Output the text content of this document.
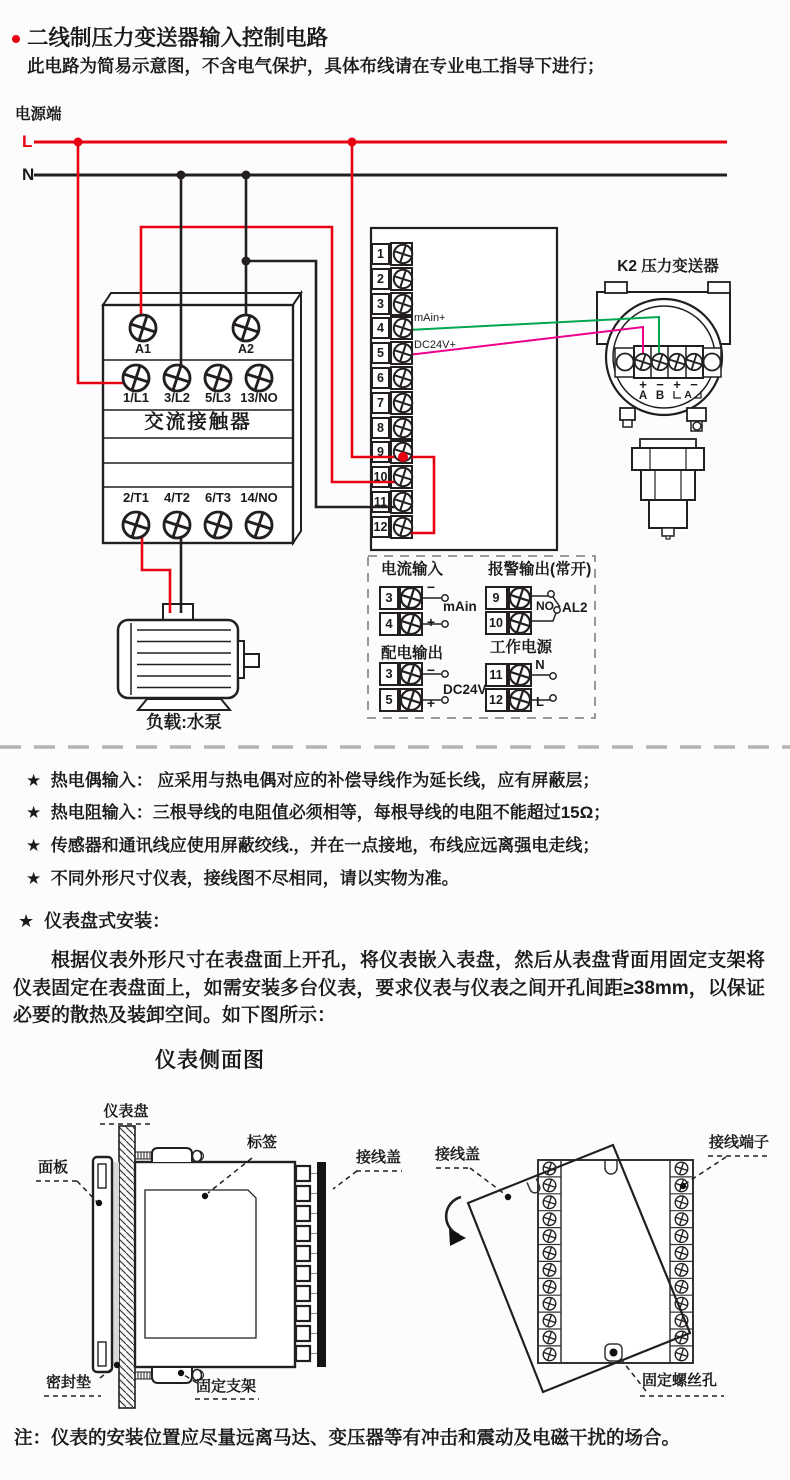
二线制压力变送器输入控制电路
此电路为简易示意图，不含电气保护，具体布线请在专业电工指导下进行；
电源端
L
N
A1	A2
1/L1 3/L2 5/L3 13/NO
交流接触器
2/T1 4/T2 6/T3 14/NO
1
2
3
4
5
6
7
8
9
10
11
12
mAin+
DC24V+
K2 压力变送器
+ − + −
A B A
负载:水泵
电流输入
3
4
−
+
mAin
报警输出(常开)
9
10
NO AL2
配电输出
3
5
−
+
DC24V
工作电源
11
12
N
L
★ 热电偶输入： 应采用与热电偶对应的补偿导线作为延长线，应有屏蔽层；
★ 热电阻输入：三根导线的电阻值必须相等，每根导线的电阻不能超过15Ω；
★ 传感器和通讯线应使用屏蔽绞线.，并在一点接地，布线应远离强电走线；
★ 不同外形尺寸仪表，接线图不尽相同，请以实物为准。
★ 仪表盘式安装：
根据仪表外形尺寸在表盘面上开孔，将仪表嵌入表盘，然后从表盘背面用固定支架将仪表固定在表盘面上，如需安装多台仪表，要求仪表与仪表之间开孔间距≥38mm，以保证必要的散热及装卸空间。如下图所示：
仪表侧面图
仪表盘
面板
标签
接线盖
密封垫	固定支架
接线盖
接线端子
固定螺丝孔
注：仪表的安装位置应尽量远离马达、变压器等有冲击和震动及电磁干扰的场合。
